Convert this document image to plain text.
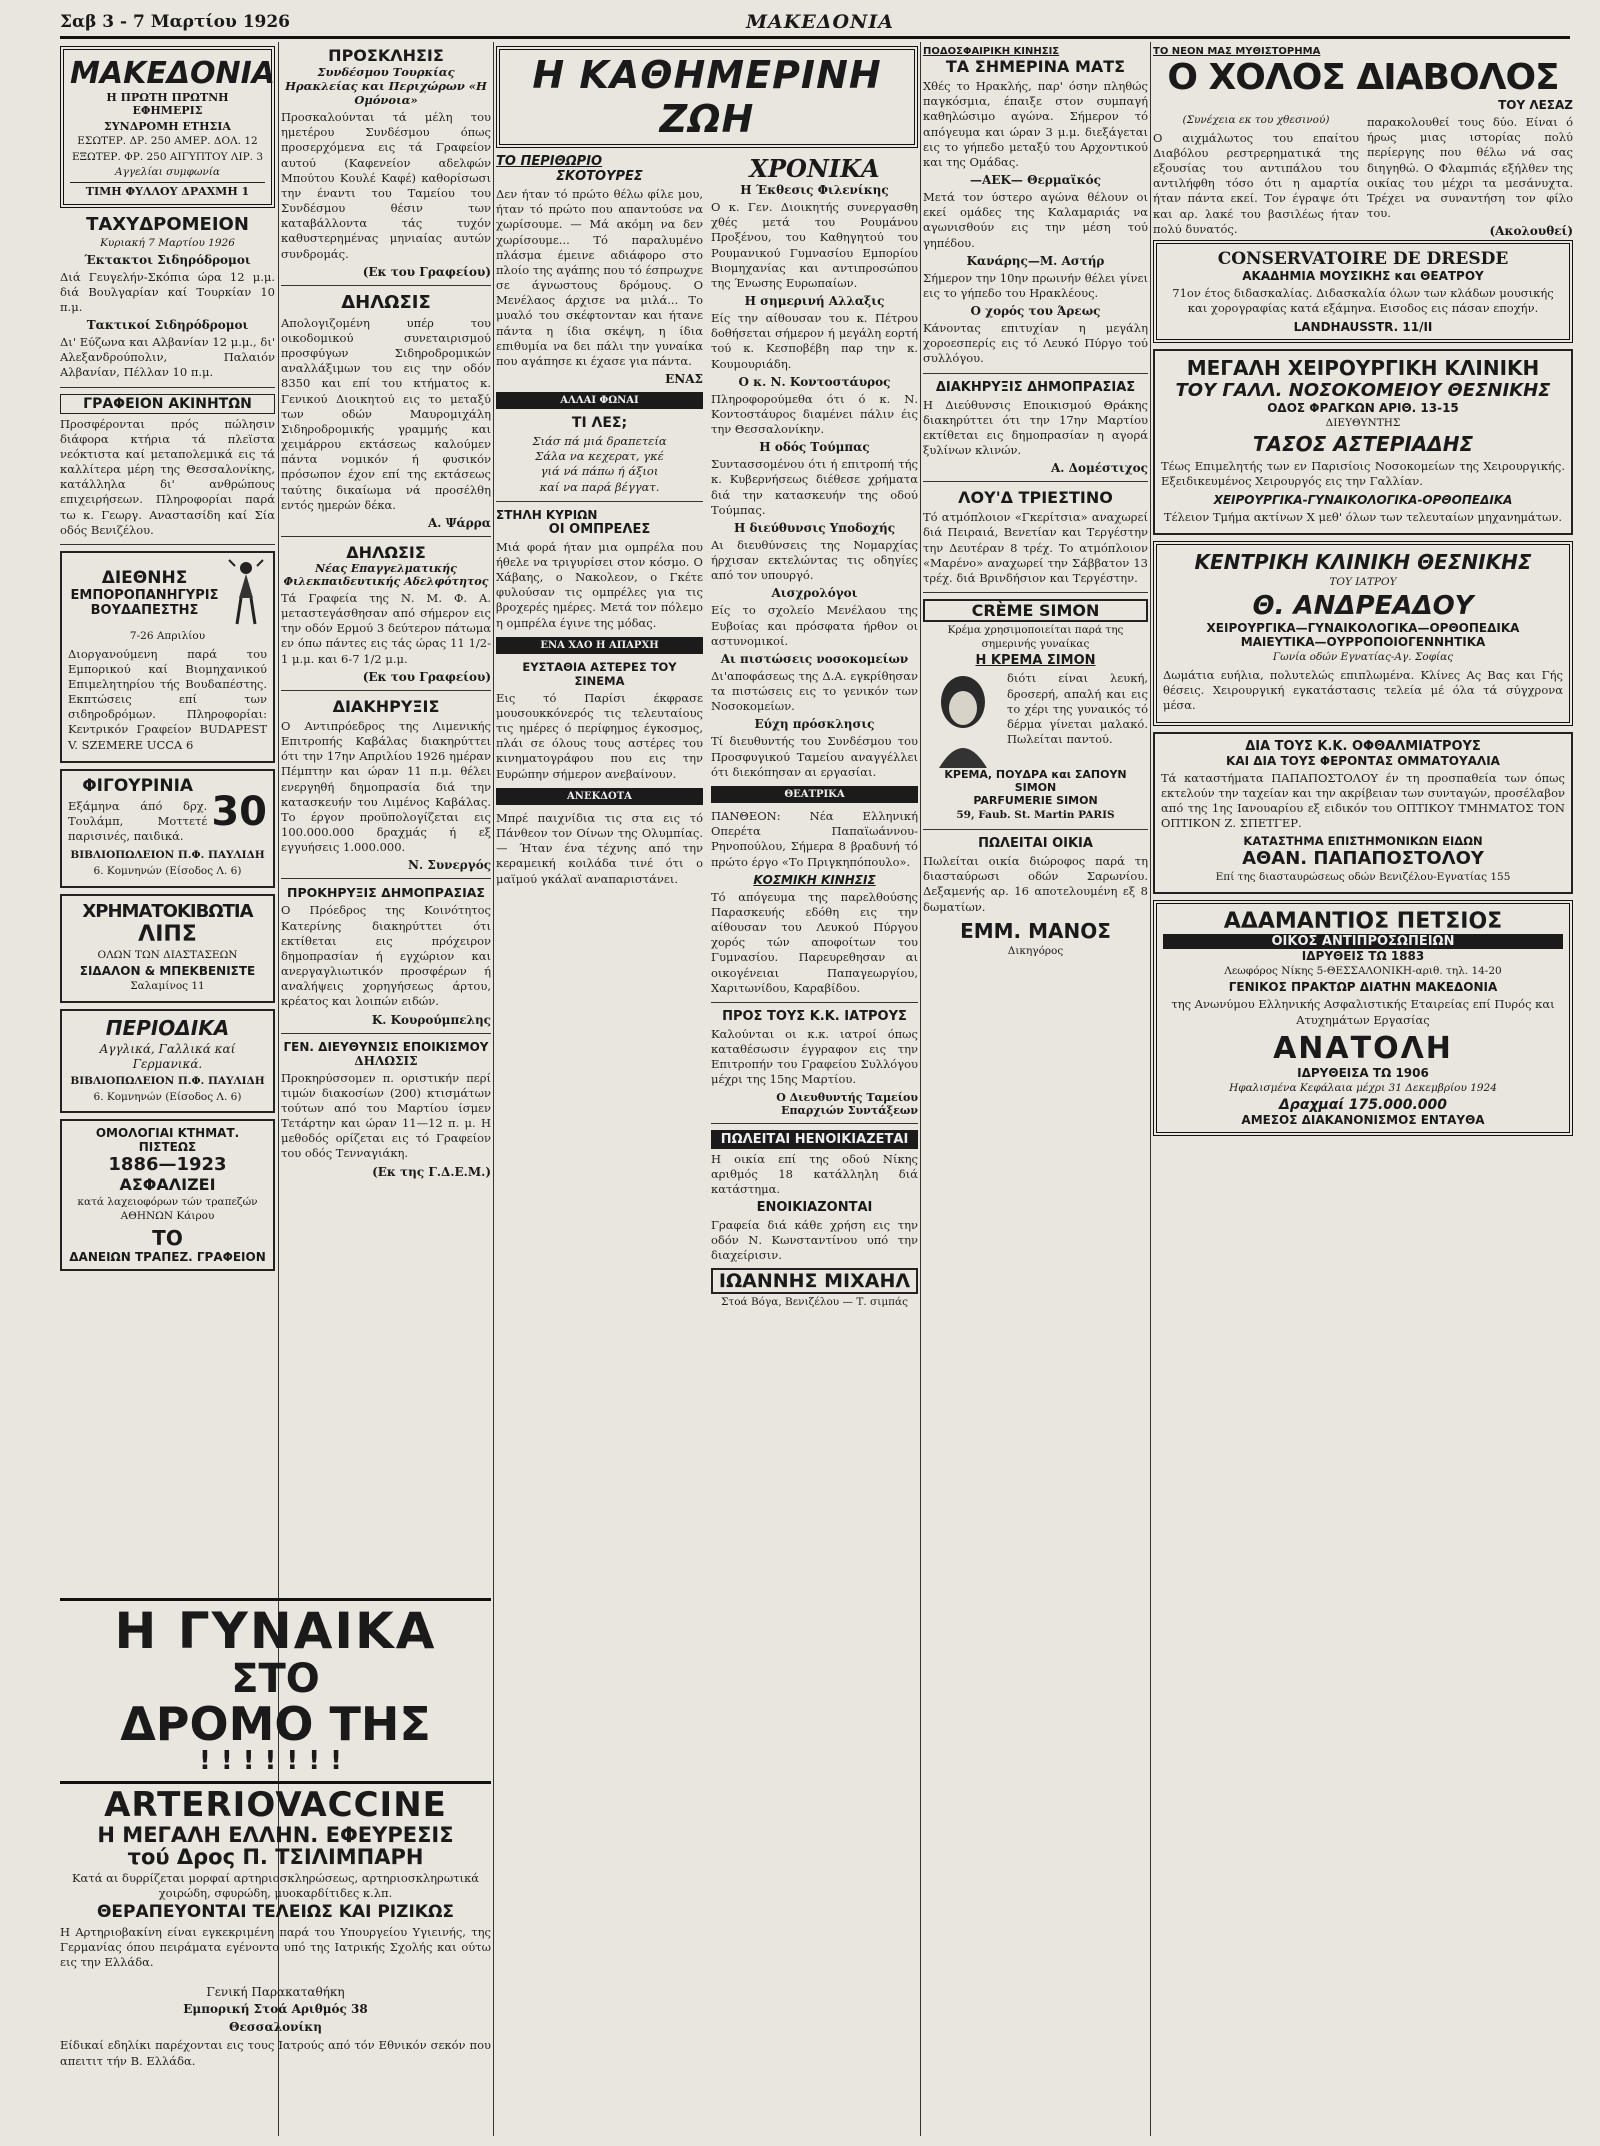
Σαβ 3 - 7 Μαρτίου 1926	ΜΑΚΕΔΟΝΙΑ
ΜΑΚΕΔΟΝΙΑ
Η ΠΡΩΤΗ ΠΡΩΤΝΗ ΕΦΗΜΕΡΙΣ
ΣΥΝΔΡΟΜΗ ΕΤΗΣΙΑ
ΕΣΩΤΕΡ. ΔΡ. 250 ΑΜΕΡ. ΔΟΛ. 12
ΕΞΩΤΕΡ. ΦΡ. 250 ΑΙΓΥΠΤΟΥ ΛΙΡ. 3
Αγγελίαι συμφωνία
ΤΙΜΗ ΦΥΛΛΟΥ ΔΡΑΧΜΗ 1
ΤΑΧΥΔΡΟΜΕΙΟΝ
Κυριακή 7 Μαρτίου 1926
Έκτακτοι Σιδηρόδρομοι
Διά Γευγελήν-Σκόπια ώρα 12 μ.μ. διά Βουλγαρίαν καί Τουρκίαν 10 π.μ.
Τακτικοί Σιδηρόδρομοι
Δι' Εύζωνα και Αλβανίαν 12 μ.μ., δι' Αλεξανδρούπολιν, Παλαιόν Αλβανίαν, Πέλλαν 10 π.μ.
ΓΡΑΦΕΙΟΝ ΑΚΙΝΗΤΩΝ
Προσφέρονται πρός πώλησιν διάφορα κτήρια τά πλεϊστα νεόκτιστα καί μεταπολεμικά εις τά καλλίτερα μέρη της Θεσσαλονίκης, κατάλληλα δι' ανθρώπους επιχειρήσεων. Πληροφορίαι παρά τω κ. Γεωργ. Αναστασίδη καί Σία οδός Βενιζέλου.
ΔΙΕΘΝΗΣ
ΕΜΠΟΡΟΠΑΝΗΓΥΡΙΣ
ΒΟΥΔΑΠΕΣΤΗΣ
7-26 Απριλίου
Διοργανούμενη παρά του Εμπορικού καί Βιομηχανικού Επιμελητηρίου τής Βουδαπέστης. Εκπτώσεις επί των σιδηροδρόμων. Πληροφορίαι: Κεντρικόν Γραφείον BUDAPEST V. SZEMERE UCCA 6
ΦΙΓΟΥΡΙΝΙΑ
Εξάμηνα άπό δρχ. Τουλάμπ, Μοττετέ παρισινές, παιδικά.
30
ΒΙΒΛΙΟΠΩΛΕΙΟΝ Π.Φ. ΠΑΥΛΙΔΗ
6. Κομνηνών (Είσοδος Λ. 6)
ΧΡΗΜΑΤΟΚΙΒΩΤΙΑ
ΛΙΠΣ
ΟΛΩΝ ΤΩΝ ΔΙΑΣΤΑΣΕΩΝ
ΣΙΔΑΛΟΝ & ΜΠΕΚΒΕΝΙΣΤΕ
Σαλαμίνος 11
ΠΕΡΙΟΔΙΚΑ
Αγγλικά, Γαλλικά καί Γερμανικά.
ΒΙΒΛΙΟΠΩΛΕΙΟΝ Π.Φ. ΠΑΥΛΙΔΗ
6. Κομνηνών (Είσοδος Λ. 6)
ΟΜΟΛΟΓΙΑΙ ΚΤΗΜΑΤ. ΠΙΣΤΕΩΣ
1886—1923
ΑΣΦΑΛΙΖΕΙ
κατά λαχειοφόρων τών τραπεζών ΑΘΗΝΩΝ Κάιρου
ΤΟ
ΔΑΝΕΙΩΝ ΤΡΑΠΕΖ. ΓΡΑΦΕΙΟΝ
ΠΡΟΣΚΛΗΣΙΣ
Συνδέσμου Τουρκίας Ηρακλείας και Περιχώρων «Η Ομόνοια»
Προσκαλούνται τά μέλη του ημετέρου Συνδέσμου όπως προσερχόμενα εις τά Γραφείον αυτού (Καφενείον αδελφών Μπούτου Κουλέ Καφέ) καθορίσωσι την έναντι του Ταμείου του Συνδέσμου θέσιν των καταβάλλοντα τάς τυχόν καθυστερημένας μηνιαίας αυτών συνδρομάς.
(Εκ του Γραφείου)
ΔΗΛΩΣΙΣ
Απολογιζομένη υπέρ του οικοδομικού συνεταιρισμού προσφύγων Σιδηροδρομικών αναλλάξιμων του εις την οδόν 8350 και επί του κτήματος κ. Γενικού Διοικητού εις το μεταξύ των οδών Μαυρομιχάλη Σιδηροδρομικής γραμμής και χειμάρρου εκτάσεως καλούμεν πάντα νομικόν ή φυσικόν πρόσωπον έχον επί της εκτάσεως ταύτης δικαίωμα νά προσέλθη εντός ημερών δέκα.
Α. Ψάρρα
ΔΗΛΩΣΙΣ
Νέας Επαγγελματικής Φιλεκπαιδευτικής Αδελφότητος
Τά Γραφεία της Ν. Μ. Φ. Α. μεταστεγάσθησαν από σήμερον εις την οδόν Ερμού 3 δεύτερον πάτωμα εν όπω πάντες εις τάς ώρας 11 1/2-1 μ.μ. και 6-7 1/2 μ.μ.
(Εκ του Γραφείου)
ΔΙΑΚΗΡΥΞΙΣ
Ο Αντιπρόεδρος της Λιμενικής Επιτροπής Καβάλας διακηρύττει ότι την 17ην Απριλίου 1926 ημέραν Πέμπτην και ώραν 11 π.μ. θέλει ενεργηθή δημοπρασία διά την κατασκευήν του Λιμένος Καβάλας. Το έργον προϋπολογίζεται εις 100.000.000 δραχμάς ή εξ εγγυήσεις 1.000.000.
Ν. Συνεργός
ΠΡΟΚΗΡΥΞΙΣ ΔΗΜΟΠΡΑΣΙΑΣ
Ο Πρόεδρος της Κοινότητος Κατερίνης διακηρύττει ότι εκτίθεται εις πρόχειρον δημοπρασίαν ή εγχώριον και ανεργαγλιωτικόν προσφέρων ή αναλήψεις χορηγήσεως άρτου, κρέατος και λοιπών ειδών.
Κ. Κουρούμπελης
ΓΕΝ. ΔΙΕΥΘΥΝΣΙΣ ΕΠΟΙΚΙΣΜΟΥ
ΔΗΛΩΣΙΣ
Προκηρύσσομεν π. οριστικήν περί τιμών διακοσίων (200) κτισμάτων τούτων από του Μαρτίου ίσμεν Τετάρτην και ώραν 11—12 π. μ. Η μεθοδός ορίζεται εις τό Γραφείον του οδός Τενναγιάκη.
(Εκ της Γ.Δ.Ε.Μ.)
Η ΓΥΝΑΙΚΑ
ΣΤΟ
ΔΡΟΜΟ ΤΗΣ
!!!!!!!
ARTERIOVACCINE
Η ΜΕΓΑΛΗ ΕΛΛΗΝ. ΕΦΕΥΡΕΣΙΣ
τού Δρος Π. ΤΣΙΛΙΜΠΑΡΗ
Κατά αι δυρρίζεται μορφαί αρτηριοσκληρώσεως, αρτηριοσκληρωτικά χοιρώδη, σφυρώδη, μυοκαρδίτιδες κ.λπ.
ΘΕΡΑΠΕΥΟΝΤΑΙ ΤΕΛΕΙΩΣ ΚΑΙ ΡΙΖΙΚΩΣ
Η Αρτηριοβακίνη είναι εγκεκριμένη παρά του Υπουργείου Υγιεινής, της Γερμανίας όπου πειράματα εγένοντο υπό της Ιατρικής Σχολής και ούτω εις την Ελλάδα.
Γενική Παρακαταθήκη
Εμπορική Στοά Αριθμός 38
Θεσσαλονίκη
Είδικαί εδηλίκι παρέχονται εις τους Ιατρούς από τόν Εθνικόν σεκόν που απειτιτ τήν Β. Ελλάδα.
Η ΚΑΘΗΜΕΡΙΝΗ ΖΩΗ
ΤΟ ΠΕΡΙΘΩΡΙΟ
ΣΚΟΤΟΥΡΕΣ
Δεν ήταν τό πρώτο θέλω φίλε μου, ήταν τό πρώτο που απαντούσε να χωρίσουμε. — Μά ακόμη να δεν χωρίσουμε... Τό παραλυμένο πλάσμα έμεινε αδιάφορο στο πλοίο της αγάπης που τό έσπρωχνε σε άγνωστους δρόμους. Ο Μενέλαος άρχισε να μιλά... Το μυαλό του σκέφτονταν και ήτανε πάντα η ίδια σκέψη, η ίδια επιθυμία να δει πάλι την γυναίκα που αγάπησε κι έχασε για πάντα.
ΕΝΑΣ
ΑΛΛΑΙ ΦΩΝΑΙ
ΤΙ ΛΕΣ;
Σιάσ πά μιά δραπετεία
Σάλα να κεχερατ, γκέ
γιά νά πάπω ή άξιοι
καί να παρά βέγγατ.
ΣΤΗΛΗ ΚΥΡΙΩΝ
ΟΙ ΟΜΠΡΕΛΕΣ
Μιά φορά ήταν μια ομπρέλα που ήθελε να τριγυρίσει στον κόσμο. Ο Χάβαης, ο Νακολεον, ο Γκέτε φυλούσαν τις ομπρέλες για τις βροχερές ημέρες. Μετά τον πόλεμο η ομπρέλα έγινε της μόδας.
ΕΝΑ ΧΑΟ Η ΑΠΑΡΧΗ
ΕΥΣΤΑΘΙΑ ΑΣΤΕΡΕΣ ΤΟΥ ΣΙΝΕΜΑ
Εις τό Παρίσι έκφρασε μουσουκκόνερός τις τελευταίους τις ημέρες ό περίφημος έγκοσμος, πλάι σε όλους τους αστέρες του κινηματογράφου που εις την Ευρώπην σήμερον ανεβαίνουν.
ΑΝΕΚΔΟΤΑ
Μπρέ παιχνίδια τις στα εις τό Πάνθεον τον Οίνων της Ολυμπίας. — Ήταν ένα τέχνης από την κεραμεική κοιλάδα τινέ ότι ο μαϊμού γκάλαϊ αναπαριστάνει.
ΧΡΟΝΙΚΑ
Η Έκθεσις Φιλενίκης
Ο κ. Γεν. Διοικητής συνεργασθη χθές μετά του Ρουμάνου Προξένου, του Καθηγητού του Ρουμανικού Γυμνασίου Εμπορίου Βιομηχανίας και αντιπροσώπου της Ένωσης Ευρωπαίων.
Η σημερινή Αλλαξις
Είς την αίθουσαν του κ. Πέτρου δοθήσεται σήμερον ή μεγάλη εορτή τού κ. Κεσποβέβη παρ την κ. Κουμουριάδη.
Ο κ. Ν. Κοντοστάυρος
Πληροφορούμεθα ότι ό κ. Ν. Κοντοστάυρος διαμένει πάλιν έις την Θεσσαλονίκην.
Η οδός Τούμπας
Συντασσομένου ότι ή επιτροπή τής κ. Κυβερνήσεως διέθεσε χρήματα διά την κατασκευήν της οδού Τούμπας.
Η διεύθυνσις Υποδοχής
Αι διευθύνσεις της Νομαρχίας ήρχισαν εκτελώντας τις οδηγίες από τον υπουργό.
Αισχρολόγοι
Είς το σχολείο Μενέλαου της Ευβοίας και πρόσφατα ήρθον οι αστυνομικοί.
Αι πιστώσεις νοσοκομείων
Δι'αποφάσεως της Δ.Α. εγκρίθησαν τα πιστώσεις εις το γενικόν των Νοσοκομείων.
Εύχη πρόσκλησις
Τί διευθυντής του Συνδέσμου του Προσφυγικού Ταμείου αναγγέλλει ότι διεκόπησαν αι εργασίαι.
ΘΕΑΤΡΙΚΑ
ΠΑΝΘΕΟΝ: Νέα Ελληνική Οπερέτα Παπαϊωάννου-Ρηνοπούλου, Σήμερα 8 βραδυνή τό πρώτο έργο «Το Πριγκηπόπουλο».
ΚΟΣΜΙΚΗ ΚΙΝΗΣΙΣ
Τό απόγευμα της παρελθούσης Παρασκευής εδόθη εις την αίθουσαν του Λευκού Πύργου χορός τών αποφοίτων του Γυμνασίου. Παρευρεθησαν αι οικογένειαι Παπαγεωργίου, Χαριτωνίδου, Καραβίδου.
ΠΡΟΣ ΤΟΥΣ Κ.Κ. ΙΑΤΡΟΥΣ
Καλούνται οι κ.κ. ιατροί όπως καταθέσωσιν έγγραφον εις την Επιτροπήν του Γραφείου Συλλόγου μέχρι της 15ης Μαρτίου.
Ο Διευθυντής Ταμείου Επαρχιών Συντάξεων
ΠΩΛΕΙΤΑΙ ΗΕΝΟΙΚΙΑΖΕΤΑΙ
Η οικία επί της οδού Νίκης αριθμός 18 κατάλληλη διά κατάστημα.
ΕΝΟΙΚΙΑΖΟΝΤΑΙ
Γραφεία διά κάθε χρήση εις την οδόν Ν. Κωνσταντίνου υπό την διαχείρισιν.
ΙΩΑΝΝΗΣ ΜΙΧΑΗΛ
Στοά Βόγα, Βενιζέλου — Τ. σιμπάς
ΠΟΔΟΣΦΑΙΡΙΚΗ ΚΙΝΗΣΙΣ
ΤΑ ΣΗΜΕΡΙΝΑ ΜΑΤΣ
Χθές το Ηρακλής, παρ' όσην πληθώς παγκόσμια, έπαιξε στον συμπαγή καθηλώσιμο αγώνα. Σήμερον τό απόγευμα και ώραν 3 μ.μ. διεξάγεται εις το γήπεδο μεταξύ του Αρχοντικού και της Ομάδας.
—ΑΕΚ— Θερμαϊκός
Μετά τον ύστερο αγώνα θέλουν οι εκεί ομάδες της Καλαμαριάς να αγωνισθούν εις την μέση τού γηπέδου.
Κανάρης—Μ. Αστήρ
Σήμερον την 10ην πρωινήν θέλει γίνει εις το γήπεδο του Ηρακλέους.
Ο χορός του Άρεως
Κάνοντας επιτυχίαν η μεγάλη χοροεσπερίς εις τό Λευκό Πύργο τού συλλόγου.
ΔΙΑΚΗΡΥΞΙΣ ΔΗΜΟΠΡΑΣΙΑΣ
Η Διεύθυνσις Εποικισμού Θράκης διακηρύττει ότι την 17ην Μαρτίου εκτίθεται εις δημοπρασίαν η αγορά ξυλίνων κλινών.
Α. Δομέστιχος
ΛΟΥ'Δ ΤΡΙΕΣΤΙΝΟ
Τό ατμόπλοιον «Γκερίτσια» αναχωρεί διά Πειραιά, Βενετίαν και Τεργέστην την Δευτέραν 8 τρέχ. Το ατμόπλοιον «Μαρένο» αναχωρεί την Σάββατον 13 τρέχ. διά Βρινδήσιον και Τεργέστην.
CRÈME SIMON
Κρέμα χρησιμοποιείται παρά της σημερινής γυναίκας
Η ΚΡΕΜΑ ΣΙΜΟΝ
διότι είναι λευκή, δροσερή, απαλή και εις το χέρι της γυναικός τό δέρμα γίνεται μαλακό. Πωλείται παντού.
ΚΡΕΜΑ, ΠΟΥΔΡΑ και ΣΑΠΟΥΝ SIMON
PARFUMERIE SIMON
59, Faub. St. Martin PARIS
ΠΩΛΕΙΤΑΙ ΟΙΚΙΑ
Πωλείται οικία διώροφος παρά τη διασταύρωσι οδών Σαρωνίου. Δεξαμενής αρ. 16 αποτελουμένη εξ 8 δωματίων.
ΕΜΜ. ΜΑΝΟΣ
Δικηγόρος
ΤΟ ΝΕΟΝ ΜΑΣ ΜΥΘΙΣΤΟΡΗΜΑ
Ο ΧΟΛΟΣ ΔΙΑΒΟΛΟΣ
ΤΟΥ ΛΕΣΑΖ
(Συνέχεια εκ του χθεσινού)
Ο αιχμάλωτος του επαίτου Διαβόλου ρεστρερηματικά της εξουσίας του αντιπάλου του αντιλήφθη τόσο ότι η αμαρτία ήταν πάντα εκεί. Τον έγραψε ότι και αρ. λακέ του βασιλέως ήταν πολύ δυνατός.
παρακολουθεί τους δύο. Είναι ό ήρως μιας ιστορίας πολύ περίεργης που θέλω νά σας διηγηθώ. Ο Φλαμπιάς εξήλθεν της οικίας του μέχρι τα μεσάνυχτα. Τρέχει να συναντήση τον φίλο του.
(Ακολουθεί)
CONSERVATOIRE DE DRESDE
ΑΚΑΔΗΜΙΑ ΜΟΥΣΙΚΗΣ και ΘΕΑΤΡΟΥ
71ον έτος διδασκαλίας. Διδασκαλία όλων των κλάδων μουσικής και χορογραφίας κατά εξάμηνα. Εισοδος εις πάσαν εποχήν.
LANDHAUSSTR. 11/II
ΜΕΓΑΛΗ ΧΕΙΡΟΥΡΓΙΚΗ ΚΛΙΝΙΚΗ
ΤΟΥ ΓΑΛΛ. ΝΟΣΟΚΟΜΕΙΟΥ ΘΕΣΝΙΚΗΣ
ΟΔΟΣ ΦΡΑΓΚΩΝ ΑΡΙΘ. 13-15
ΔΙΕΥΘΥΝΤΗΣ
ΤΑΣΟΣ ΑΣΤΕΡΙΑΔΗΣ
Τέως Επιμελητής των εν Παρισίοις Νοσοκομείων της Χειρουργικής. Εξειδικευμένος Χειρουργός εις την Γαλλίαν.
ΧΕΙΡΟΥΡΓΙΚΑ-ΓΥΝΑΙΚΟΛΟΓΙΚΑ-ΟΡΘΟΠΕΔΙΚΑ
Τέλειον Τμήμα ακτίνων Χ μεθ' όλων των τελευταίων μηχανημάτων.
ΚΕΝΤΡΙΚΗ ΚΛΙΝΙΚΗ ΘΕΣΝΙΚΗΣ
ΤΟΥ ΙΑΤΡΟΥ
Θ. ΑΝΔΡΕΑΔΟΥ
ΧΕΙΡΟΥΡΓΙΚΑ—ΓΥΝΑΙΚΟΛΟΓΙΚΑ—ΟΡΘΟΠΕΔΙΚΑ
ΜΑΙΕΥΤΙΚΑ—ΟΥΡΡΟΠΟΙΟΓΕΝΝΗΤΙΚΑ
Γωνία οδών Εγνατίας-Αγ. Σοφίας
Δωμάτια ευήλια, πολυτελώς επιπλωμένα. Κλίνες Ας Βας και Γής θέσεις. Χειρουργική εγκατάστασις τελεία μέ όλα τά σύγχρονα μέσα.
ΔΙΑ ΤΟΥΣ Κ.Κ. ΟΦΘΑΛΜΙΑΤΡΟΥΣ
ΚΑΙ ΔΙΑ ΤΟΥΣ ΦΕΡΟΝΤΑΣ ΟΜΜΑΤΟΥΑΛΙΑ
Τά καταστήματα ΠΑΠΑΠΟΣΤΟΛΟΥ έν τη προσπαθεία των όπως εκτελούν την ταχείαν και την ακρίβειαν των συνταγών, προσέλαβον από της 1ης Ιανουαρίου εξ ειδικόν του ΟΠΤΙΚΟΥ ΤΜΗΜΑΤΟΣ ΤΟΝ ΟΠΤΙΚΟΝ Ζ. ΣΠΕΤΓΕΡ.
ΚΑΤΑΣΤΗΜΑ ΕΠΙΣΤΗΜΟΝΙΚΩΝ ΕΙΔΩΝ
ΑΘΑΝ. ΠΑΠΑΠΟΣΤΟΛΟΥ
Επί της διασταυρώσεως οδών Βενιζέλου-Εγνατίας 155
ΑΔΑΜΑΝΤΙΟΣ ΠΕΤΣΙΟΣ
ΟΙΚΟΣ ΑΝΤΙΠΡΟΣΩΠΕΙΩΝ
ΙΔΡΥΘΕΙΣ ΤΩ 1883
Λεωφόρος Νίκης 5-ΘΕΣΣΑΛΟΝΙΚΗ-αριθ. τηλ. 14-20
ΓΕΝΙΚΟΣ ΠΡΑΚΤΩΡ ΔΙΑΤΗΝ ΜΑΚΕΔΟΝΙΑ
της Ανωνύμου Ελληνικής Ασφαλιστικής Εταιρείας επί Πυρός και Ατυχημάτων Εργασίας
ΑΝΑΤΟΛΗ
ΙΔΡΥΘΕΙΣΑ ΤΩ 1906
Ηφαλισμένα Κεφάλαια μέχρι 31 Δεκεμβρίου 1924
Δραχμαί 175.000.000
ΑΜΕΣΟΣ ΔΙΑΚΑΝΟΝΙΣΜΟΣ ΕΝΤΑΥΘΑ
